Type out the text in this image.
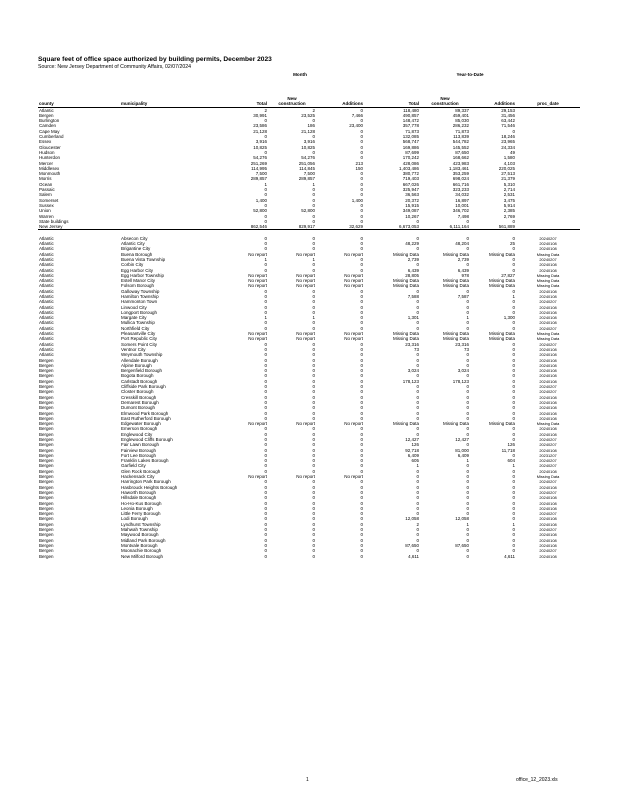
Square feet of office space authorized by building permits, December 2023
Source: New Jersey Department of Community Affairs, 02/07/2024
Month	Year-to-Date
			New			New		
county	municipality	Total	construction	Additions	Total	construction	Additions	proc_date
Atlantic		2	2	0	118,480	89,337	29,153	
Bergen		30,991	23,525	7,466	490,857	459,401	31,456	
Burlington		0	0	0	148,472	85,030	63,442	
Camden		23,586	186	23,400	357,778	286,232	71,546	
Cape May		21,128	21,128	0	71,873	71,873	0	
Cumberland		0	0	0	132,085	113,839	18,246	
Essex		3,916	3,916	0	568,747	544,782	23,965	
Gloucester		10,825	10,825	0	169,886	145,552	24,334	
Hudson		0	0	0	87,699	87,650	49	
Hunterdon		54,276	54,276	0	170,242	168,662	1,580	
Mercer		251,269	251,056	213	428,086	423,983	4,103	
Middlesex		114,995	114,845	150	1,403,486	1,183,461	220,025	
Monmouth		7,500	7,500	0	380,772	353,259	27,513	
Morris		289,857	289,857	0	719,403	698,024	21,379	
Ocean		1	1	0	667,026	661,716	5,310	
Passaic		0	0	0	325,947	323,233	2,714	
Salem		0	0	0	36,563	34,032	2,531	
Somerset		1,400	0	1,400	20,372	16,897	3,475	
Sussex		0	0	0	15,915	10,001	5,914	
Union		52,800	52,800	0	349,087	346,702	2,385	
Warren		0	0	0	10,267	7,498	2,769	
State buildings		0	0	0	0	0	0	
New Jersey		862,546	829,917	32,629	6,673,053	6,111,164	561,889	

Atlantic	Absecon City	0	0	0	0	0	0	20240207
Atlantic	Atlantic City	0	0	0	48,229	48,204	25	20240108
Atlantic	Brigantine City	0	0	0	0	0	0	20240108
Atlantic	Buena Borough	No report	No report	No report	Missing Data	Missing Data	Missing Data	Missing Data
Atlantic	Buena Vista Township	1	1	0	2,739	2,739	0	20240207
Atlantic	Corbin City	0	0	0	0	0	0	20240108
Atlantic	Egg Harbor City	0	0	0	6,439	6,439	0	20240108
Atlantic	Egg Harbor Township	No report	No report	No report	28,805	978	27,827	Missing Data
Atlantic	Estell Manor City	No report	No report	No report	Missing Data	Missing Data	Missing Data	Missing Data
Atlantic	Folsom Borough	No report	No report	No report	Missing Data	Missing Data	Missing Data	Missing Data
Atlantic	Galloway Township	0	0	0	0	0	0	20240108
Atlantic	Hamilton Township	0	0	0	7,588	7,587	1	20240108
Atlantic	Hammonton Town	0	0	0	0	0	0	20240207
Atlantic	Linwood City	0	0	0	0	0	0	20240108
Atlantic	Longport Borough	0	0	0	0	0	0	20240108
Atlantic	Margate City	1	1	0	1,301	1	1,300	20240108
Atlantic	Mullica Township	0	0	0	0	0	0	20240108
Atlantic	Northfield City	0	0	0	0	0	0	20240207
Atlantic	Pleasantville City	No report	No report	No report	Missing Data	Missing Data	Missing Data	Missing Data
Atlantic	Port Republic City	No report	No report	No report	Missing Data	Missing Data	Missing Data	Missing Data
Atlantic	Somers Point City	0	0	0	23,316	23,316	0	20240207
Atlantic	Ventnor City	0	0	0	73	73	0	20240108
Atlantic	Weymouth Township	0	0	0	0	0	0	20240108
Bergen	Allendale Borough	0	0	0	0	0	0	20240108
Bergen	Alpine Borough	0	0	0	0	0	0	20240108
Bergen	Bergenfield Borough	0	0	0	3,024	3,024	0	20240108
Bergen	Bogota Borough	0	0	0	0	0	0	20240108
Bergen	Carlstadt Borough	0	0	0	178,123	178,123	0	20240108
Bergen	Cliffside Park Borough	0	0	0	0	0	0	20240207
Bergen	Closter Borough	0	0	0	0	0	0	20240207
Bergen	Cresskill Borough	0	0	0	0	0	0	20240108
Bergen	Demarest Borough	0	0	0	0	0	0	20240108
Bergen	Dumont Borough	0	0	0	0	0	0	20240108
Bergen	Elmwood Park Borough	0	0	0	0	0	0	20240108
Bergen	East Rutherford Borough	0	0	0	0	0	0	20240108
Bergen	Edgewater Borough	No report	No report	No report	Missing Data	Missing Data	Missing Data	Missing Data
Bergen	Emerson Borough	0	0	0	0	0	0	20240108
Bergen	Englewood City	0	0	0	0	0	0	20240108
Bergen	Englewood Cliffs Borough	0	0	0	12,427	12,427	0	20240207
Bergen	Fair Lawn Borough	0	0	0	126	0	126	20240207
Bergen	Fairview Borough	0	0	0	92,718	81,000	11,718	20240108
Bergen	Fort Lee Borough	0	0	0	6,409	6,409	0	20231207
Bergen	Franklin Lakes Borough	0	0	0	605	1	604	20240207
Bergen	Garfield City	0	0	0	1	0	1	20240207
Bergen	Glen Rock Borough	0	0	0	0	0	0	20240108
Bergen	Hackensack City	No report	No report	No report	0	0	0	Missing Data
Bergen	Harrington Park Borough	0	0	0	0	0	0	20240207
Bergen	Hasbrouck Heights Borough	0	0	0	0	0	0	20240108
Bergen	Haworth Borough	0	0	0	0	0	0	20240207
Bergen	Hillsdale Borough	0	0	0	0	0	0	20240108
Bergen	Ho-Ho-Kus Borough	0	0	0	0	0	0	20240108
Bergen	Leonia Borough	0	0	0	0	0	0	20240108
Bergen	Little Ferry Borough	0	0	0	0	0	0	20240207
Bergen	Lodi Borough	0	0	0	12,058	12,058	0	20240108
Bergen	Lyndhurst Township	0	0	0	2	1	1	20240108
Bergen	Mahwah Township	0	0	0	0	0	0	20240207
Bergen	Maywood Borough	0	0	0	0	0	0	20240108
Bergen	Midland Park Borough	0	0	0	0	0	0	20240108
Bergen	Montvale Borough	0	0	0	87,650	87,650	0	20240108
Bergen	Moonachie Borough	0	0	0	0	0	0	20240207
Bergen	New Milford Borough	0	0	0	4,611	0	4,611	20240108
1	office_12_2023.xls
